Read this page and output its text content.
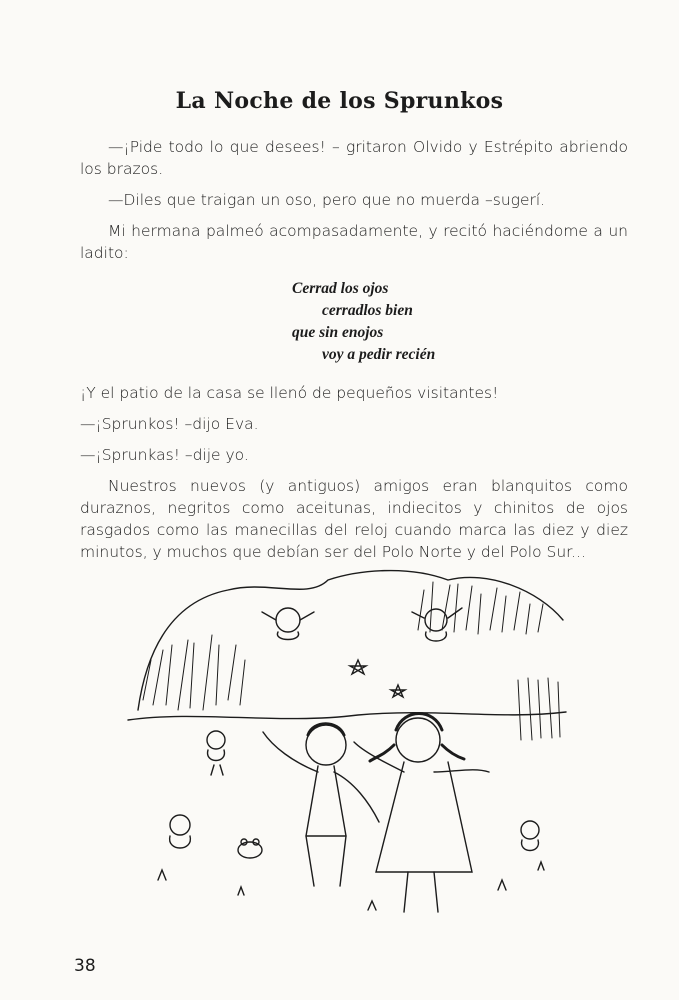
La Noche de los Sprunkos

—¡Pide todo lo que desees! – gritaron Olvido y Estrépito abriendo los brazos.

—Diles que traigan un oso, pero que no muerda –sugerí.

Mi hermana palmeó acompasadamente, y recitó haciéndome a un ladito:

Cerrad los ojos
cerradlos bien
que sin enojos
voy a pedir recién

¡Y el patio de la casa se llenó de pequeños visitantes!

—¡Sprunkos! –dijo Eva.

—¡Sprunkas! –dije yo.

Nuestros nuevos (y antiguos) amigos eran blanquitos como duraznos, negritos como aceitunas, indiecitos y chinitos de ojos rasgados como las manecillas del reloj cuando marca las diez y diez minutos, y muchos que debían ser del Polo Norte y del Polo Sur...

38
